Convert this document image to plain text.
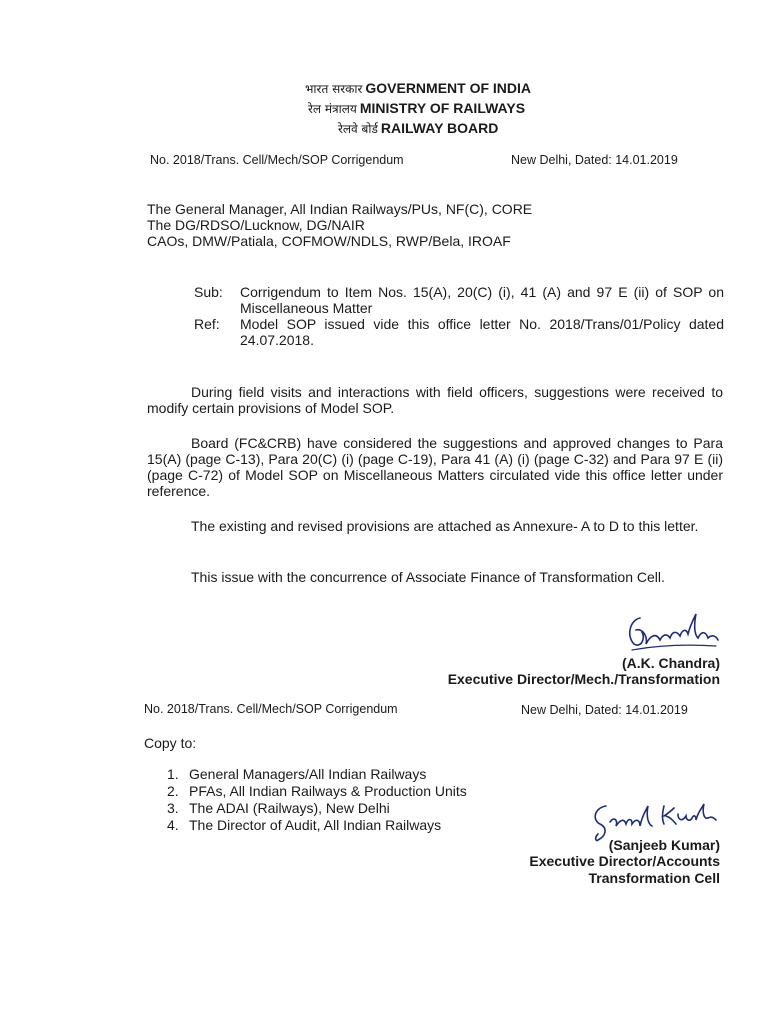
भारत सरकार GOVERNMENT OF INDIA
रेल मंत्रालय MINISTRY OF RAILWAYS
रेलवे बोर्ड RAILWAY BOARD
No. 2018/Trans. Cell/Mech/SOP Corrigendum	New Delhi, Dated: 14.01.2019
The General Manager, All Indian Railways/PUs, NF(C), CORE
The DG/RDSO/Lucknow, DG/NAIR
CAOs, DMW/Patiala, COFMOW/NDLS, RWP/Bela, IROAF
Sub: Corrigendum to Item Nos. 15(A), 20(C) (i), 41 (A) and 97 E (ii) of SOP on Miscellaneous Matter
Ref: Model SOP issued vide this office letter No. 2018/Trans/01/Policy dated 24.07.2018.
During field visits and interactions with field officers, suggestions were received to modify certain provisions of Model SOP.
Board (FC&CRB) have considered the suggestions and approved changes to Para 15(A) (page C-13), Para 20(C) (i) (page C-19), Para 41 (A) (i) (page C-32) and Para 97 E (ii) (page C-72) of Model SOP on Miscellaneous Matters circulated vide this office letter under reference.
The existing and revised provisions are attached as Annexure- A to D to this letter.
This issue with the concurrence of Associate Finance of Transformation Cell.
(A.K. Chandra)
Executive Director/Mech./Transformation
No. 2018/Trans. Cell/Mech/SOP Corrigendum	New Delhi, Dated: 14.01.2019
Copy to:
1. General Managers/All Indian Railways
2. PFAs, All Indian Railways & Production Units
3. The ADAI (Railways), New Delhi
4. The Director of Audit, All Indian Railways
(Sanjeeb Kumar)
Executive Director/Accounts
Transformation Cell
